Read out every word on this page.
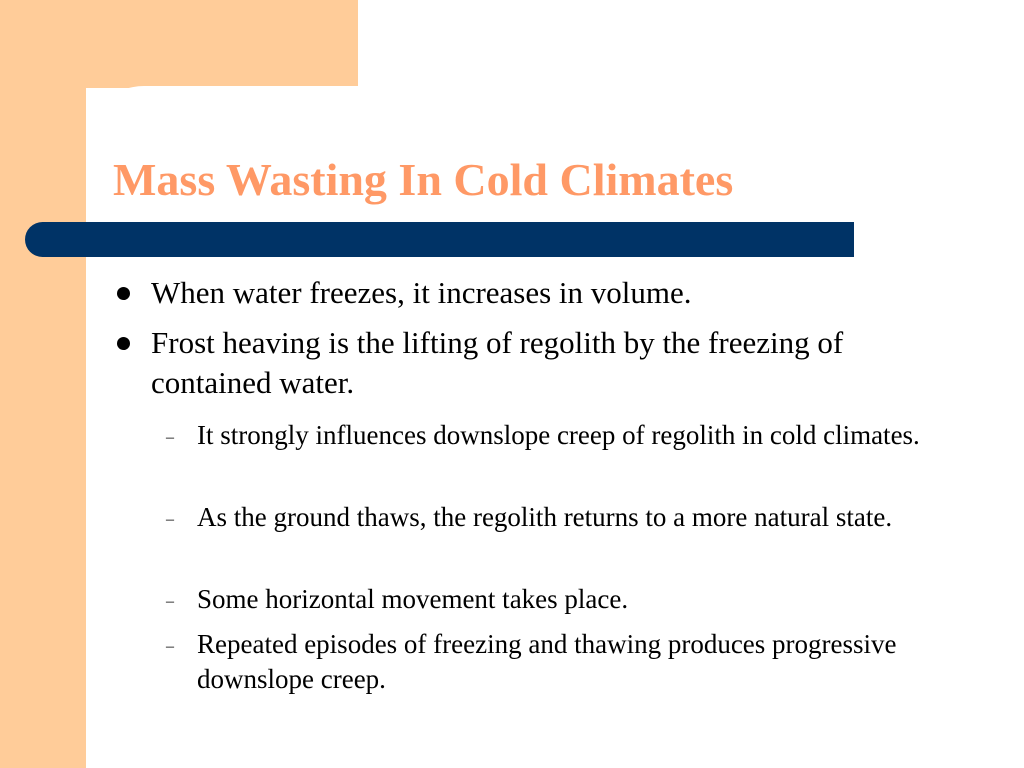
Mass Wasting In Cold Climates
When water freezes, it increases in volume.
Frost heaving is the lifting of regolith by the freezing of contained water.
– It strongly influences downslope creep of regolith in cold climates.
– As the ground thaws, the regolith returns to a more natural state.
– Some horizontal movement takes place.
– Repeated episodes of freezing and thawing produces progressive downslope creep.
